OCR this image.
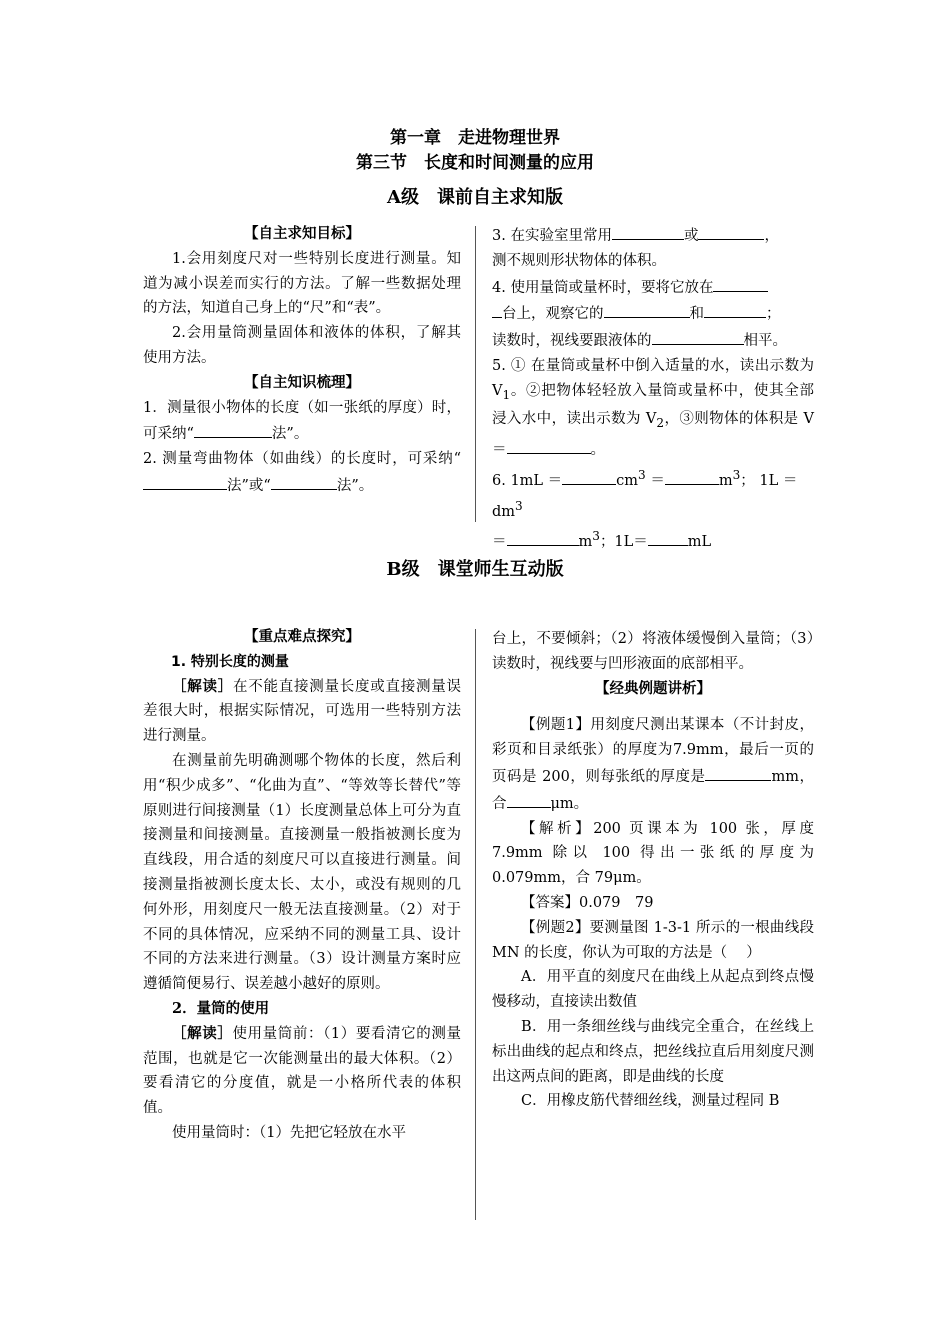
第一章　走进物理世界
第三节　长度和时间测量的应用
A级 课前自主求知版

【自主求知目标】

1.会用刻度尺对一些特别长度进行测量。知道为减小误差而实行的方法。了解一些数据处理的方法，知道自己身上的“尺”和“表”。

2.会用量筒测量固体和液体的体积，了解其使用方法。

【自主知识梳理】

1．测量很小物体的长度（如一张纸的厚度）时，可采纳“	法”。

2. 测量弯曲物体（如曲线）的长度时，可采纳“法”或“	法”。

3. 在实验室里常用	或	，
测不规则形状物体的体积。

4. 使用量筒或量杯时，要将它放在
台上，观察它的	和	；
读数时，视线要跟液体的	相平。

5. ① 在量筒或量杯中倒入适量的水，读出示数为 $V_1$。②把物体轻轻放入量筒或量杯中，使其全部浸入水中，读出示数为 $V_2$，③则物体的体积是 V＝	。

6. 1mL ＝	$cm^3$ ＝	$m^3$； $1L = dm^3$
＝	$m^3$；1L＝	mL

B级 课堂师生互动版

【重点难点探究】

1. 特别长度的测量

［解读］在不能直接测量长度或直接测量误差很大时，根据实际情况，可选用一些特别方法进行测量。

在测量前先明确测哪个物体的长度，然后利用“积少成多”、“化曲为直”、“等效等长替代”等原则进行间接测量（1）长度测量总体上可分为直接测量和间接测量。直接测量一般指被测长度为直线段，用合适的刻度尺可以直接进行测量。间接测量指被测长度太长、太小，或没有规则的几何外形，用刻度尺一般无法直接测量。（2）对于不同的具体情况，应采纳不同的测量工具、设计不同的方法来进行测量。（3）设计测量方案时应遵循简便易行、误差越小越好的原则。

2．量筒的使用

［解读］使用量筒前：（1）要看清它的测量范围，也就是它一次能测量出的最大体积。（2）要看清它的分度值，就是一小格所代表的体积值。

使用量筒时：（1）先把它轻放在水平

台上，不要倾斜；（2）将液体缓慢倒入量筒；（3）读数时，视线要与凹形液面的底部相平。

【经典例题讲析】

【例题1】用刻度尺测出某课本（不计封皮，彩页和目录纸张）的厚度为7.9mm，最后一页的页码是 200，则每张纸的厚度是	mm，合	μm。

【解析】200 页课本为 100 张，厚度 7.9mm 除以 100 得出一张纸的厚度为 0.079mm，合 79μm。

【答案】0.079　79

【例题2】要测量图 1-3-1 所示的一根曲线段 MN 的长度，你认为可取的方法是（　 ）

A．用平直的刻度尺在曲线上从起点到终点慢慢移动，直接读出数值

B．用一条细丝线与曲线完全重合，在丝线上标出曲线的起点和终点，把丝线拉直后用刻度尺测出这两点间的距离，即是曲线的长度

C．用橡皮筋代替细丝线，测量过程同 B
